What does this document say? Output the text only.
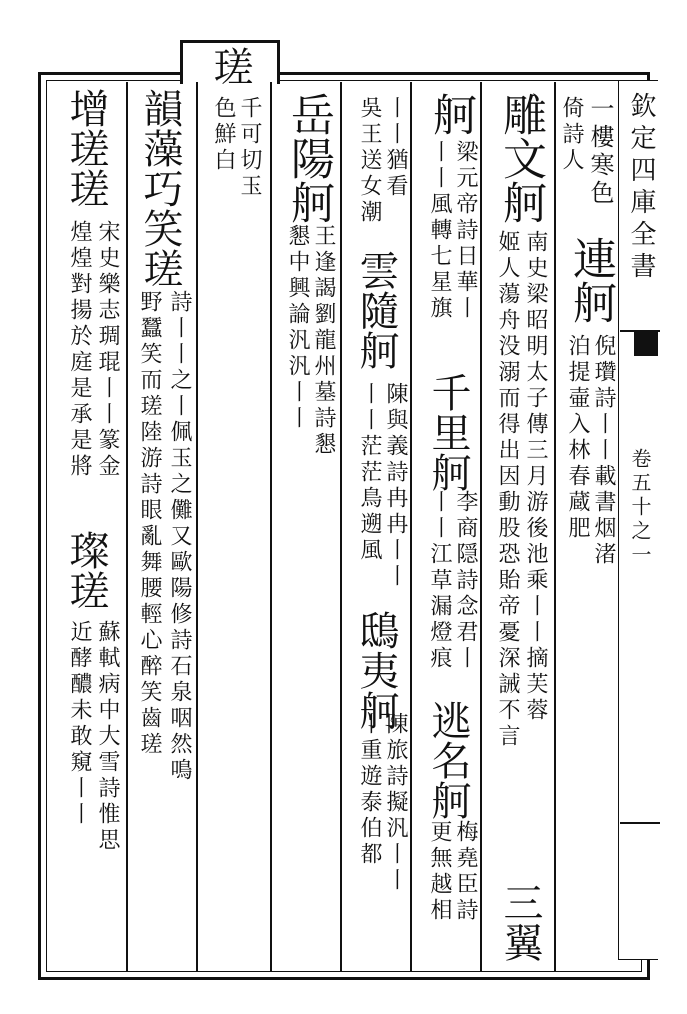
瑳
欽定四庫全書
卷五十之一
一樓寒色
連舸
倪瓚詩丨丨載書烟渚
泊提壷入林春蔵肥
倚詩人
雕文舸
南史梁昭明太子傳三月游後池乘丨丨摘芙蓉
姬人蕩舟没溺而得出因動股恐貽帝憂深誡不言
三翼
舸
梁元帝詩日華丨
丨丨風轉七星旗
千里舸
李商隠詩念君丨
丨丨江草漏燈痕
逃名舸
梅堯臣詩
更無越相
丨丨猶看
吳王送女潮
雲隨舸
陳與義詩冉冉丨丨
丨丨茫茫鳥遡風
鴟夷舸
陳旅詩擬汎丨丨
丨重遊泰伯都
岳陽舸
王逢謁劉龍州墓詩懇
懇中興論汎汎丨丨
千可切玉
色鮮白
韻藻巧笑瑳
詩丨丨之丨佩玉之儺又歐陽修詩石泉咽然鳴
野蠶笑而瑳陸游詩眼亂舞腰輕心醉笑齒瑳
增瑳瑳
宋史樂志琱琨丨丨篆金
煌煌對揚於庭是承是將
璨瑳
蘇軾病中大雪詩惟思
近酵醲未敢窺丨丨
